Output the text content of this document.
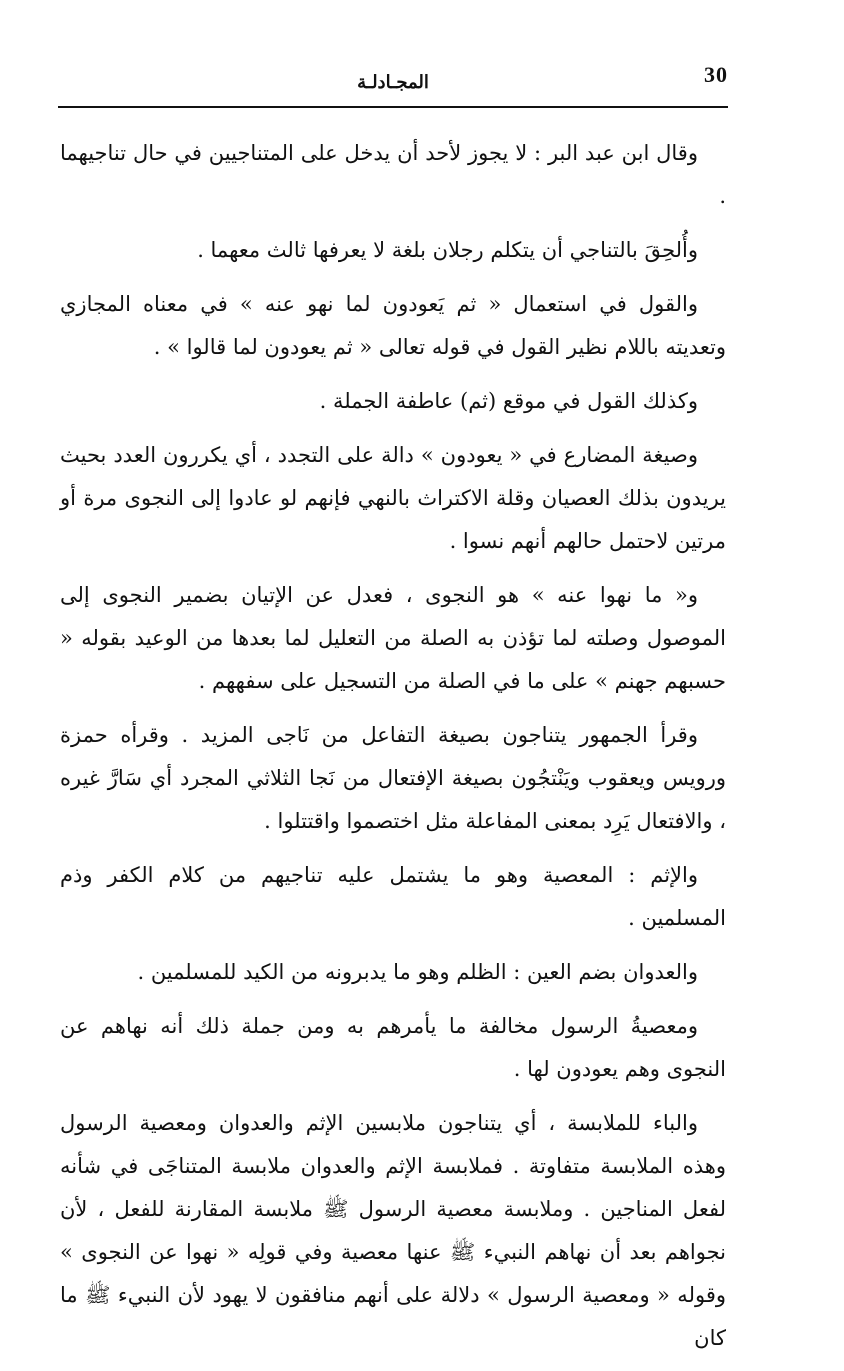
30
المجـادلـة

وقال ابن عبد البر : لا يجوز لأحد أن يدخل على المتناجيين في حال تناجيهما .

وأُلحِقَ بالتناجي أن يتكلم رجلان بلغة لا يعرفها ثالث معهما .

والقول في استعمال « ثم يَعودون لما نهو عنه » في معناه المجازي وتعديته باللام نظير القول في قوله تعالى « ثم يعودون لما قالوا » .

وكذلك القول في موقع (ثم) عاطفة الجملة .

وصيغة المضارع في « يعودون » دالة على التجدد ، أي يكررون العدد بحيث يريدون بذلك العصيان وقلة الاكتراث بالنهي فإنهم لو عادوا إلى النجوى مرة أو مرتين لاحتمل حالهم أنهم نسوا .

و« ما نهوا عنه » هو النجوى ، فعدل عن الإتيان بضمير النجوى إلى الموصول وصلته لما تؤذن به الصلة من التعليل لما بعدها من الوعيد بقوله « حسبهم جهنم » على ما في الصلة من التسجيل على سفههم .

وقرأ الجمهور يتناجون بصيغة التفاعل من نَاجى المزيد . وقرأه حمزة ورويس ويعقوب ويَنْتجُون بصيغة الإفتعال من نَجا الثلاثي المجرد أي سَارَّ غيره ، والافتعال يَرِد بمعنى المفاعلة مثل اختصموا واقتتلوا .

والإثم : المعصية وهو ما يشتمل عليه تناجيهم من كلام الكفر وذم المسلمين .

والعدوان بضم العين : الظلم وهو ما يدبرونه من الكيد للمسلمين .

ومعصيةُ الرسول مخالفة ما يأمرهم به ومن جملة ذلك أنه نهاهم عن النجوى وهم يعودون لها .

والباء للملابسة ، أي يتناجون ملابسين الإثم والعدوان ومعصية الرسول وهذه الملابسة متفاوتة . فملابسة الإثم والعدوان ملابسة المتناجَى في شأنه لفعل المناجين . وملابسة معصية الرسول ﷺ ملابسة المقارنة للفعل ، لأن نجواهم بعد أن نهاهم النبيء ﷺ عنها معصية وفي قولِه « نهوا عن النجوى » وقوله « ومعصية الرسول » دلالة على أنهم منافقون لا يهود لأن النبيء ﷺ ما كان
